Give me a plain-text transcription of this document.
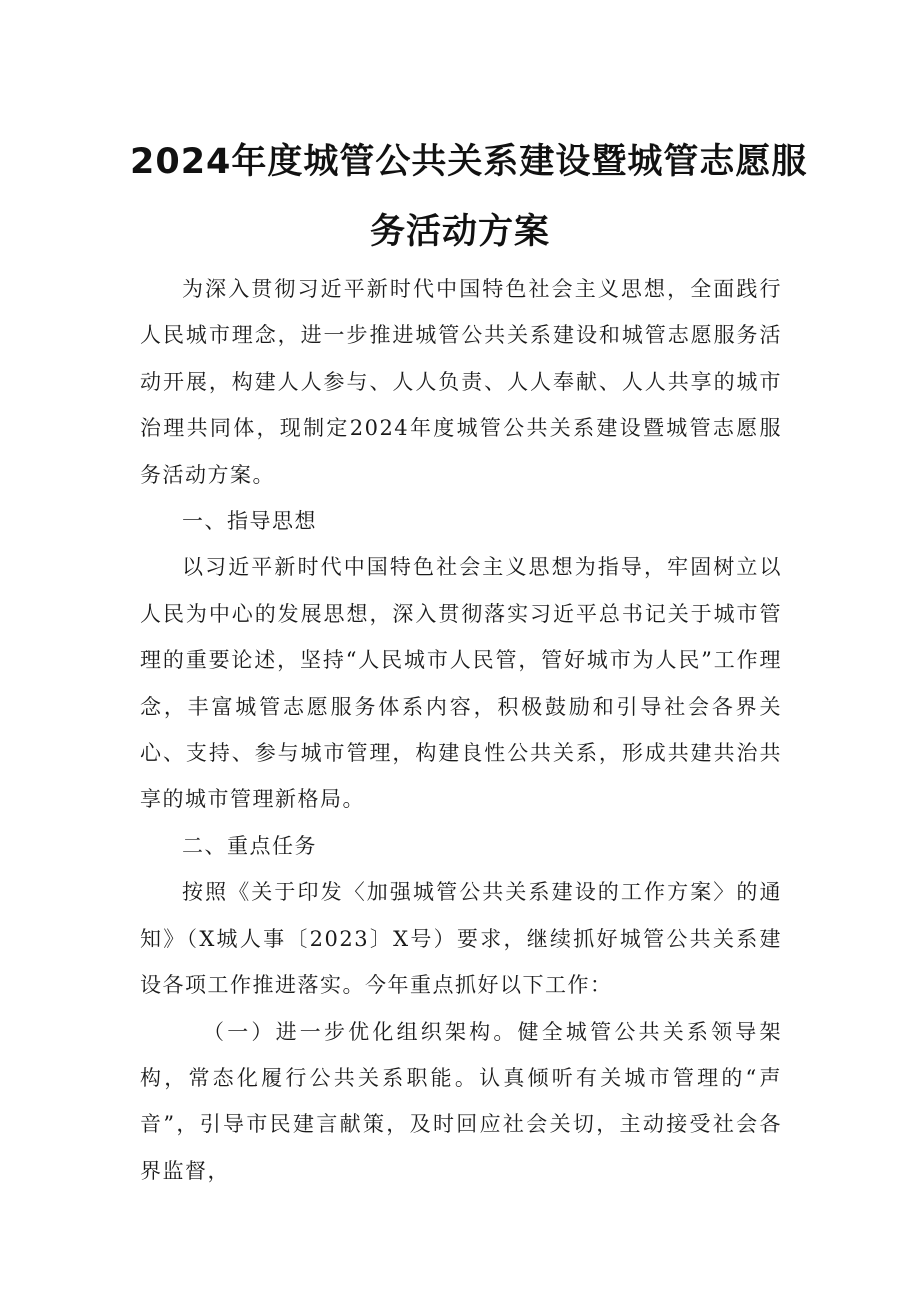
2024年度城管公共关系建设暨城管志愿服
务活动方案

为深入贯彻习近平新时代中国特色社会主义思想，全面践行人民城市理念，进一步推进城管公共关系建设和城管志愿服务活动开展，构建人人参与、人人负责、人人奉献、人人共享的城市治理共同体，现制定2024年度城管公共关系建设暨城管志愿服务活动方案。

一、指导思想

以习近平新时代中国特色社会主义思想为指导，牢固树立以人民为中心的发展思想，深入贯彻落实习近平总书记关于城市管理的重要论述，坚持“人民城市人民管，管好城市为人民”工作理念，丰富城管志愿服务体系内容，积极鼓励和引导社会各界关心、支持、参与城市管理，构建良性公共关系，形成共建共治共享的城市管理新格局。

二、重点任务

按照《关于印发〈加强城管公共关系建设的工作方案〉的通知》（X城人事〔2023〕X号）要求，继续抓好城管公共关系建设各项工作推进落实。今年重点抓好以下工作：

（一）进一步优化组织架构。健全城管公共关系领导架构，常态化履行公共关系职能。认真倾听有关城市管理的“声音”，引导市民建言献策，及时回应社会关切，主动接受社会各界监督，
